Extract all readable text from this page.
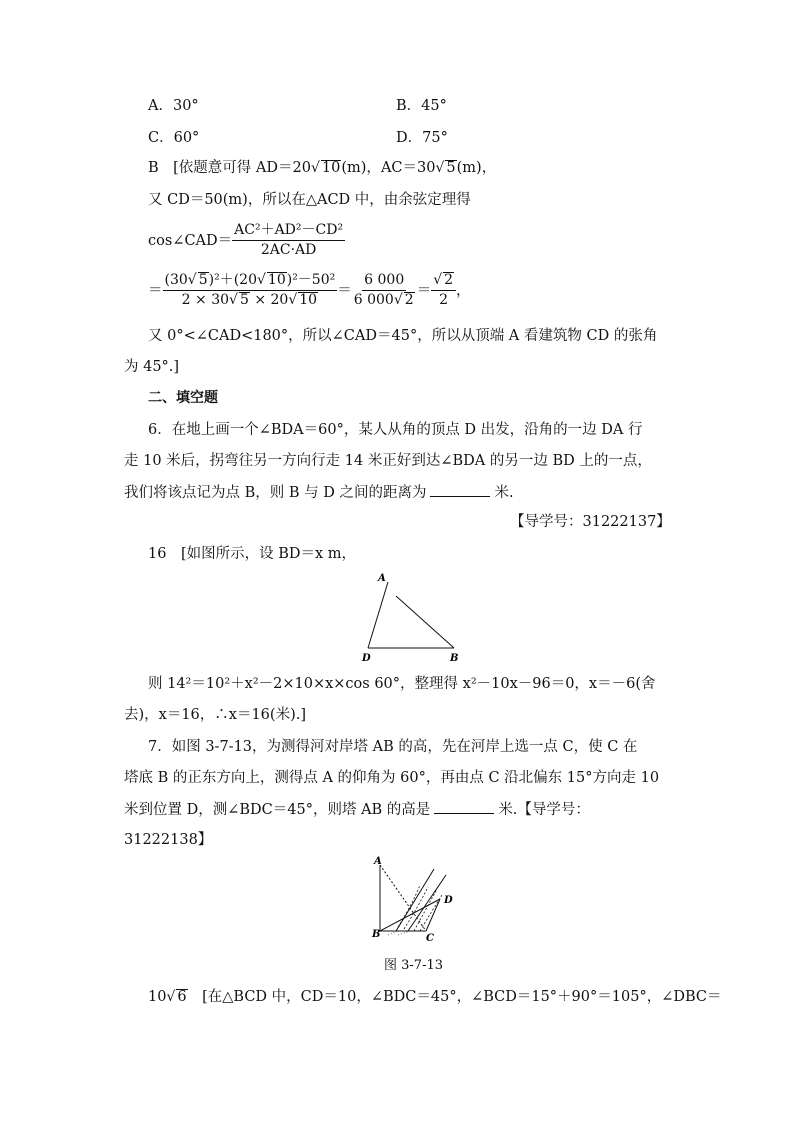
A．30°	B．45°
C．60°	D．75°
B　[依题意可得 AD＝20√ 10(m)，AC＝30√ 5(m)，
又 CD＝50(m)，所以在△ACD 中，由余弦定理得
cos∠CAD＝ $\frac{\text{AC²＋AD²－CD²}}{2AC\cdot AD}$
＝ $\frac{\text{(30√ 5)²＋(20√ 10)²－50²}}{2 \times 30√ 5 \times 20√ 10} = \frac{6 000}{6 000√ 2} = \frac{√ 2}{2}$ ，
又 0°<∠CAD<180°，所以∠CAD＝45°，所以从顶端 A 看建筑物 CD 的张角
为 45°.]
二、填空题
6．在地上画一个∠BDA＝60°，某人从角的顶点 D 出发，沿角的一边 DA 行
走 10 米后，拐弯往另一方向行走 14 米正好到达∠BDA 的另一边 BD 上的一点，
我们将该点记为点 B，则 B 与 D 之间的距离为	米.
【导学号：31222137】
16　[如图所示，设 BD＝x m，
A
D	B
则 14²＝10²＋x²－2×10×x×cos 60°，整理得 x²－10x－96＝0，x＝－6(舍
去)，x＝16，∴x＝16(米).]
7．如图 3-7-13，为测得河对岸塔 AB 的高，先在河岸上选一点 C，使 C 在
塔底 B 的正东方向上，测得点 A 的仰角为 60°，再由点 C 沿北偏东 15°方向走 10
米到位置 D，测∠BDC＝45°，则塔 AB 的高是	米.【导学号：
31222138】
A
B	C
D
图 3-7-13
10√ 6　[在△BCD 中，CD＝10，∠BDC＝45°，∠BCD＝15°＋90°＝105°，∠DBC＝
